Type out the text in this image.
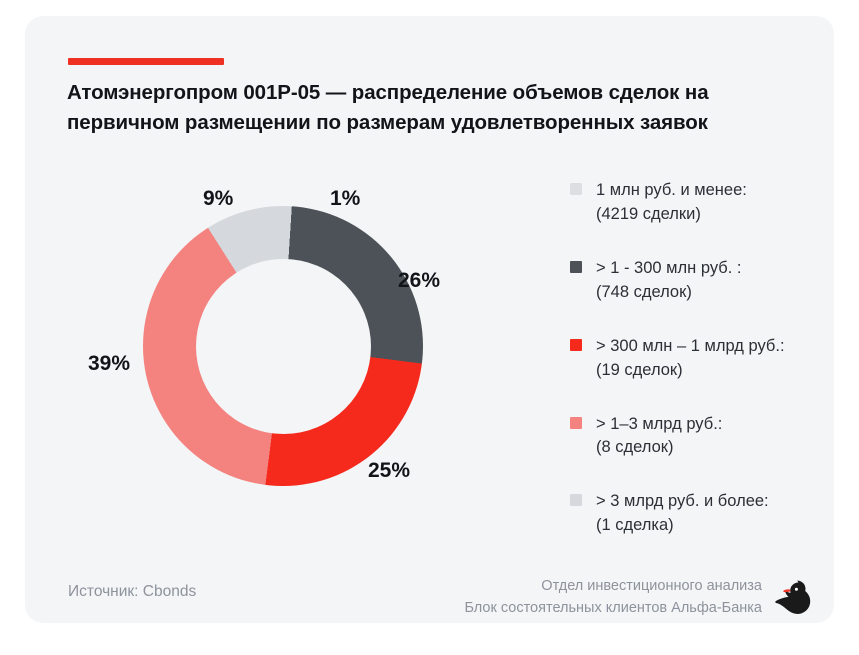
Атомэнергопром 001Р-05 — распределение объемов сделок на первичном размещении по размерам удовлетворенных заявок
1%
26%
25%
39%
9%	1 млн руб. и менее:
(4219 сделки)
> 1 - 300 млн руб. :
(748 сделок)
> 300 млн – 1 млрд руб.:
(19 сделок)
> 1–3 млрд руб.:
(8 сделок)
> 3 млрд руб. и более:
(1 сделка)
Источник: Cbonds	Отдел инвестиционного анализа
Блок состоятельных клиентов Альфа-Банка
